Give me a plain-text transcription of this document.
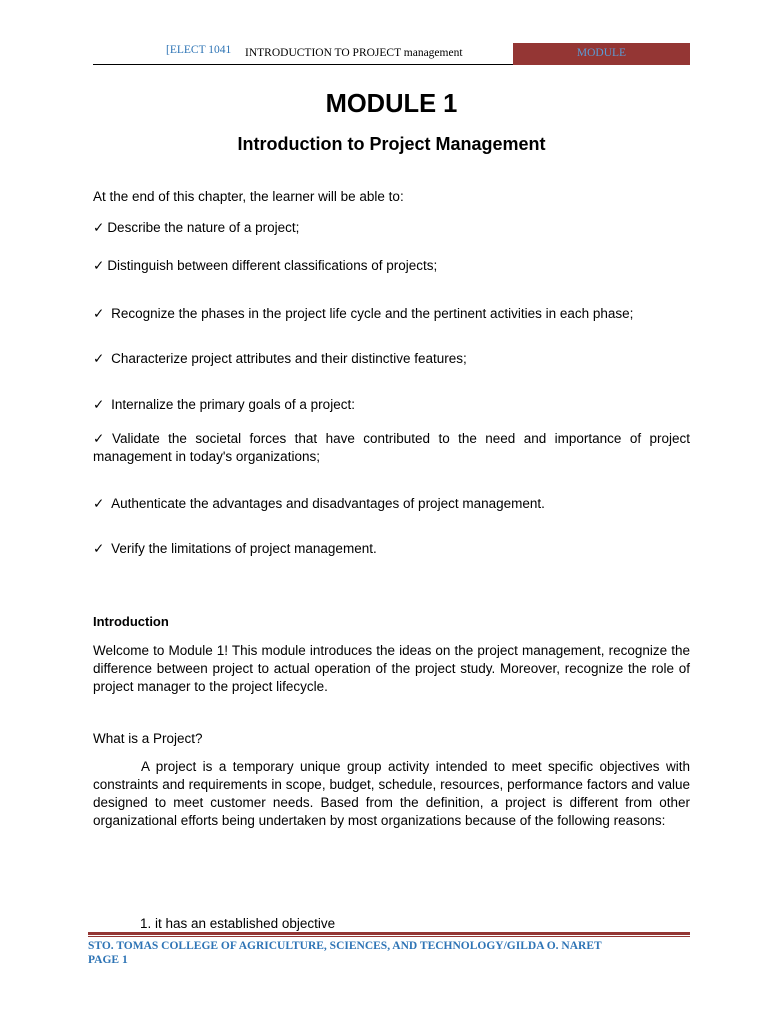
[ELECT 1041 INTRODUCTION TO PROJECT management	MODULE
MODULE 1
Introduction to Project Management
At the end of this chapter, the learner will be able to:
✓ Describe the nature of a project;
✓ Distinguish between different classifications of projects;
✓ Recognize the phases in the project life cycle and the pertinent activities in each phase;
✓ Characterize project attributes and their distinctive features;
✓ Internalize the primary goals of a project:
✓ Validate the societal forces that have contributed to the need and importance of project management in today's organizations;
✓ Authenticate the advantages and disadvantages of project management.
✓ Verify the limitations of project management.
Introduction
Welcome to Module 1! This module introduces the ideas on the project management, recognize the difference between project to actual operation of the project study. Moreover, recognize the role of project manager to the project lifecycle.
What is a Project?
A project is a temporary unique group activity intended to meet specific objectives with constraints and requirements in scope, budget, schedule, resources, performance factors and value designed to meet customer needs. Based from the definition, a project is different from other organizational efforts being undertaken by most organizations because of the following reasons:
1. it has an established objective
STO. TOMAS COLLEGE OF AGRICULTURE, SCIENCES, AND TECHNOLOGY/GILDA O. NARET
PAGE 1
